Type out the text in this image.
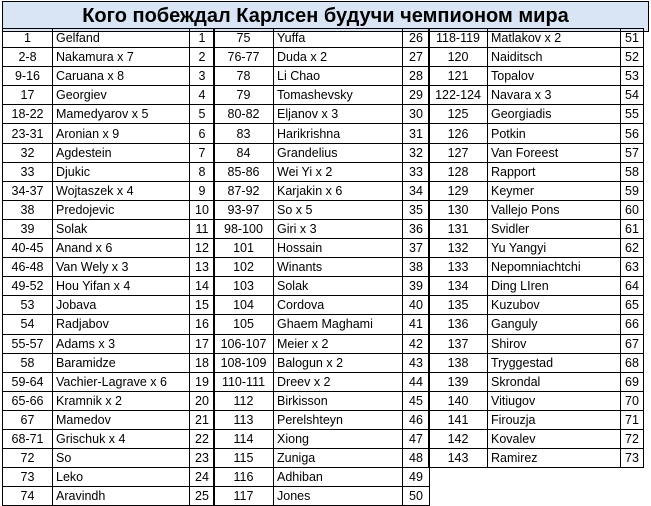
Кого побеждал Карлсен будучи чемпионом мира
1	Gelfand	1
2-8	Nakamura x 7	2
9-16	Caruana x 8	3
17	Georgiev	4
18-22	Mamedyarov x 5	5
23-31	Aronian x 9	6
32	Agdestein	7
33	Djukic	8
34-37	Wojtaszek x 4	9
38	Predojevic	10
39	Solak	11
40-45	Anand x 6	12
46-48	Van Wely x 3	13
49-52	Hou Yifan x 4	14
53	Jobava	15
54	Radjabov	16
55-57	Adams x 3	17
58	Baramidze	18
59-64	Vachier-Lagrave x 6	19
65-66	Kramnik x 2	20
67	Mamedov	21
68-71	Grischuk x 4	22
72	So	23
73	Leko	24
74	Aravindh	25
75	Yuffa	26
76-77	Duda x 2	27
78	Li Chao	28
79	Tomashevsky	29
80-82	Eljanov x 3	30
83	Harikrishna	31
84	Grandelius	32
85-86	Wei Yi x 2	33
87-92	Karjakin x 6	34
93-97	So x 5	35
98-100	Giri x 3	36
101	Hossain	37
102	Winants	38
103	Solak	39
104	Cordova	40
105	Ghaem Maghami	41
106-107	Meier x 2	42
108-109	Balogun x 2	43
110-111	Dreev x 2	44
112	Birkisson	45
113	Perelshteyn	46
114	Xiong	47
115	Zuniga	48
116	Adhiban	49
117	Jones	50
118-119	Matlakov x 2	51
120	Naiditsch	52
121	Topalov	53
122-124	Navara x 3	54
125	Georgiadis	55
126	Potkin	56
127	Van Foreest	57
128	Rapport	58
129	Keymer	59
130	Vallejo Pons	60
131	Svidler	61
132	Yu Yangyi	62
133	Nepomniachtchi	63
134	Ding LIren	64
135	Kuzubov	65
136	Ganguly	66
137	Shirov	67
138	Tryggestad	68
139	Skrondal	69
140	Vitiugov	70
141	Firouzja	71
142	Kovalev	72
143	Ramirez	73
